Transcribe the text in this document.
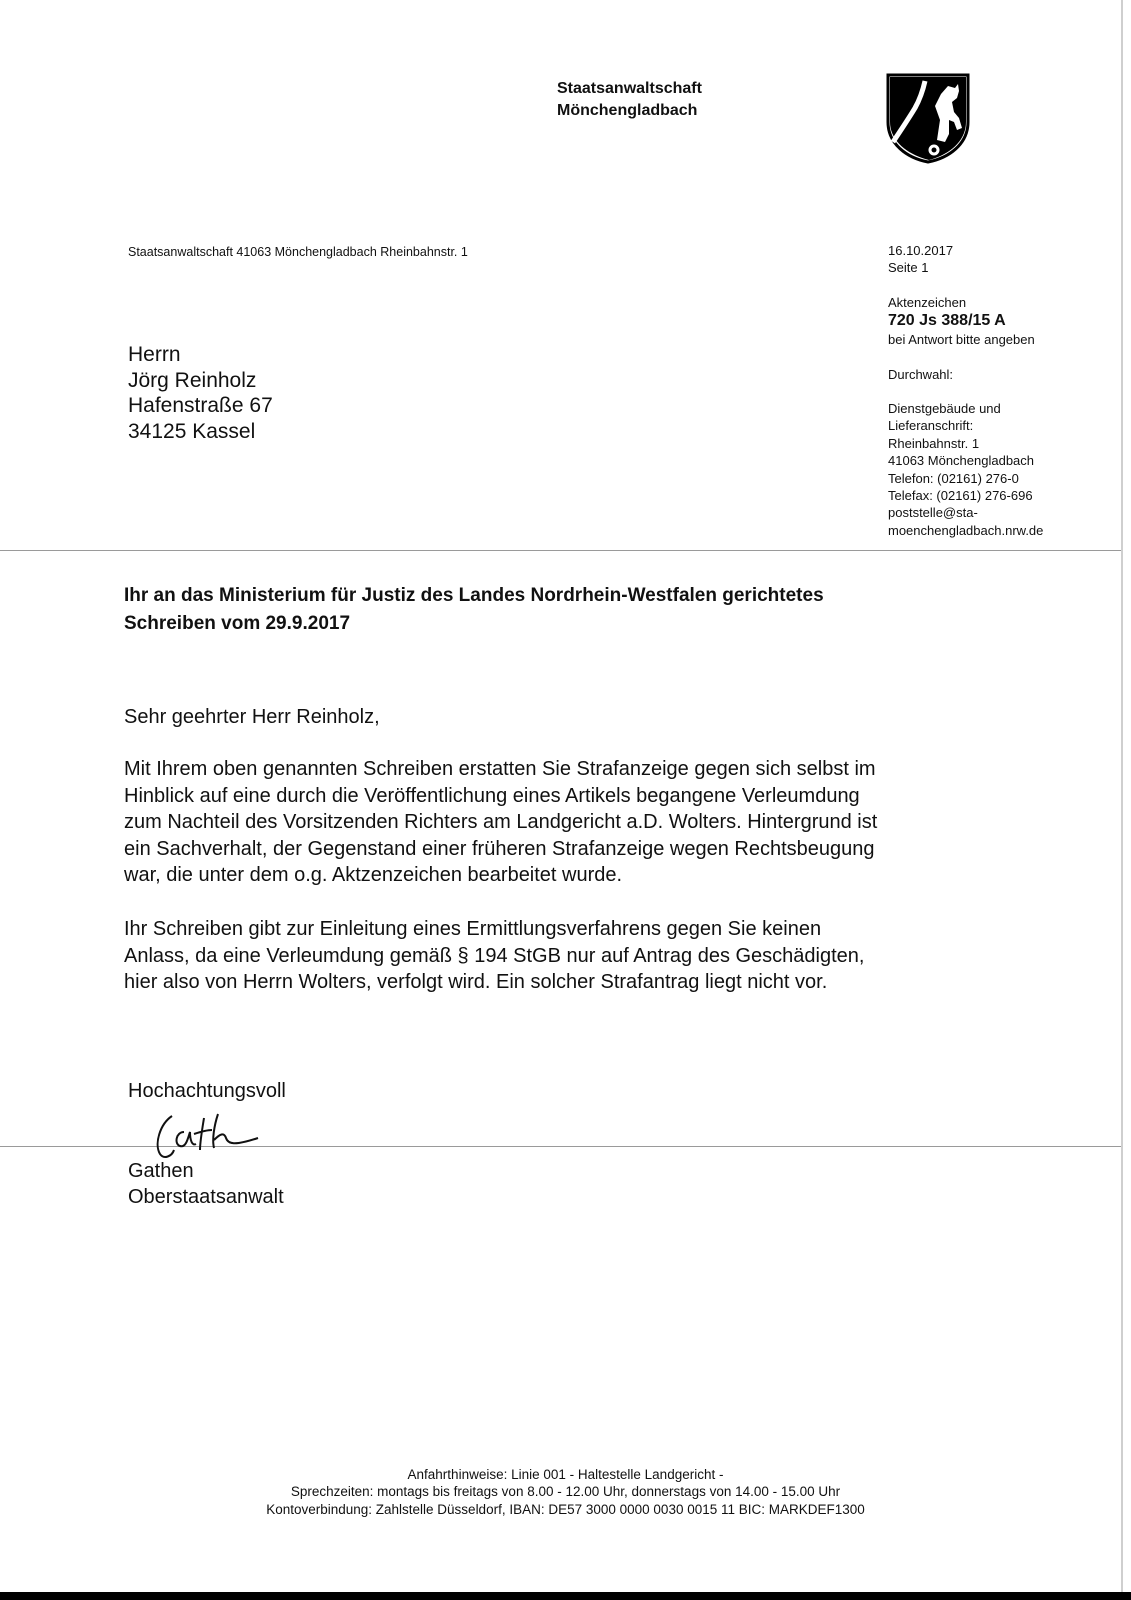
Staatsanwaltschaft
Mönchengladbach
Staatsanwaltschaft 41063 Mönchengladbach Rheinbahnstr. 1	16.10.2017
Seite 1
Aktenzeichen
720 Js 388/15 A
bei Antwort bitte angeben
Durchwahl:
Dienstgebäude und
Lieferanschrift:
Rheinbahnstr. 1
41063 Mönchengladbach
Telefon: (02161) 276-0
Telefax: (02161) 276-696
poststelle@sta-
moenchengladbach.nrw.de
Herrn
Jörg Reinholz
Hafenstraße 67
34125 Kassel
Ihr an das Ministerium für Justiz des Landes Nordrhein-Westfalen gerichtetes
Schreiben vom 29.9.2017
Sehr geehrter Herr Reinholz,
Mit Ihrem oben genannten Schreiben erstatten Sie Strafanzeige gegen sich selbst im
Hinblick auf eine durch die Veröffentlichung eines Artikels begangene Verleumdung
zum Nachteil des Vorsitzenden Richters am Landgericht a.D. Wolters. Hintergrund ist
ein Sachverhalt, der Gegenstand einer früheren Strafanzeige wegen Rechtsbeugung
war, die unter dem o.g. Aktzenzeichen bearbeitet wurde.
Ihr Schreiben gibt zur Einleitung eines Ermittlungsverfahrens gegen Sie keinen
Anlass, da eine Verleumdung gemäß § 194 StGB nur auf Antrag des Geschädigten,
hier also von Herrn Wolters, verfolgt wird. Ein solcher Strafantrag liegt nicht vor.
Hochachtungsvoll
Gathen
Oberstaatsanwalt
Anfahrthinweise: Linie 001 - Haltestelle Landgericht -
Sprechzeiten: montags bis freitags von 8.00 - 12.00 Uhr, donnerstags von 14.00 - 15.00 Uhr
Kontoverbindung: Zahlstelle Düsseldorf, IBAN: DE57 3000 0000 0030 0015 11 BIC: MARKDEF1300
